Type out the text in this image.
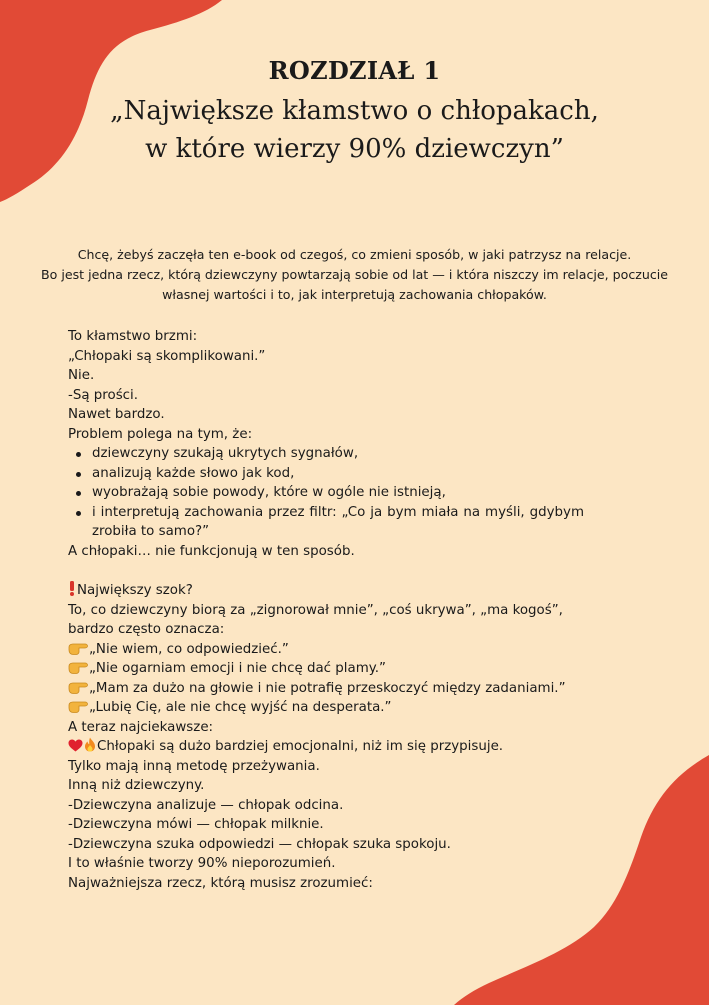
ROZDZIAŁ 1
„Największe kłamstwo o chłopakach,
w które wierzy 90% dziewczyn”
Chcę, żebyś zaczęła ten e-book od czegoś, co zmieni sposób, w jaki patrzysz na relacje.
Bo jest jedna rzecz, którą dziewczyny powtarzają sobie od lat — i która niszczy im relacje, poczucie
własnej wartości i to, jak interpretują zachowania chłopaków.

To kłamstwo brzmi:

„Chłopaki są skomplikowani.”

Nie.

-Są prości.

Nawet bardzo.

Problem polega na tym, że:

dziewczyny szukają ukrytych sygnałów,
analizują każde słowo jak kod,
wyobrażają sobie powody, które w ogóle nie istnieją,
i interpretują zachowania przez filtr: „Co ja bym miała na myśli, gdybym zrobiła to samo?”

A chłopaki… nie funkcjonują w ten sposób.

Największy szok?

To, co dziewczyny biorą za „zignorował mnie”, „coś ukrywa”, „ma kogoś”,

bardzo często oznacza:

„Nie wiem, co odpowiedzieć.”

„Nie ogarniam emocji i nie chcę dać plamy.”

„Mam za dużo na głowie i nie potrafię przeskoczyć między zadaniami.”

„Lubię Cię, ale nie chcę wyjść na desperata.”

A teraz najciekawsze:

Chłopaki są dużo bardziej emocjonalni, niż im się przypisuje.

Tylko mają inną metodę przeżywania.

Inną niż dziewczyny.

-Dziewczyna analizuje — chłopak odcina.

-Dziewczyna mówi — chłopak milknie.

-Dziewczyna szuka odpowiedzi — chłopak szuka spokoju.

I to właśnie tworzy 90% nieporozumień.

Najważniejsza rzecz, którą musisz zrozumieć:
